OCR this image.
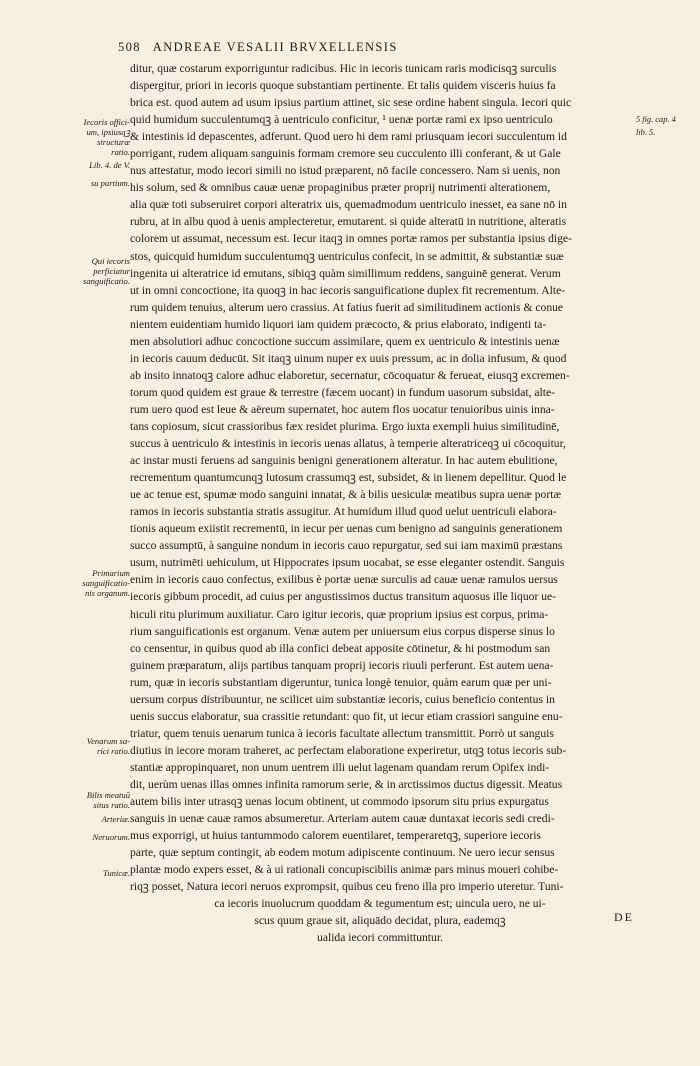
508 ANDREAE VESALII BRVXELLENSIS
ditur, quæ costarum exporriguntur radicibus. Hic in iecoris tunicam raris modicisqꝫ surculis
dispergitur, priori in iecoris quoque substantiam pertinente. Et talis quidem visceris huius fa
brica est. quod autem ad usum ipsius partium attinet, sic sese ordine habent singula. Iecori quic
quid humidum succulentumqꝫ à uentriculo conficitur, ¹ uenæ portæ rami ex ipso uentriculo
& intestinis id depascentes, adferunt. Quod uero hi dem rami priusquam iecori succulentum id
porrigant, rudem aliquam sanguinis formam cremore seu cucculento illi conferant, & ut Gale
nus attestatur, modo iecori simili no istud præparent, nō facile concessero. Nam si uenis, non
his solum, sed & omnibus cauæ uenæ propaginibus præter proprij nutrimenti alterationem,
alia quæ toti subseruiret corpori alteratrix uis, quemadmodum uentriculo inesset, ea sane nō in
rubru, at in albu quod à uenis amplecteretur, emutarent. si quide alteratū in nutritione, alteratis
colorem ut assumat, necessum est. Iecur itaqꝫ in omnes portæ ramos per substantia ipsius dige-
stos, quicquid humidum succulentumqꝫ uentriculus confecit, in se admittit, & substantiæ suæ
ingenita ui alteratrice id emutans, sibiqꝫ quàm simillimum reddens, sanguinē generat. Verum
ut in omni concoctione, ita quoqꝫ in hac iecoris sanguificatione duplex fit recrementum. Alte-
rum quidem tenuius, alterum uero crassius. At fatius fuerit ad similitudinem actionis & conue
nientem euidentiam humido liquori iam quidem præcocto, & prius elaborato, indigenti ta-
men absolutiori adhuc concoctione succum assimilare, quem ex uentriculo & intestinis uenæ
in iecoris cauum deducūt. Sit itaqꝫ uinum nuper ex uuis pressum, ac in dolia infusum, & quod
ab insito innatoqꝫ calore adhuc elaboretur, secernatur, cōcoquatur & ferueat, eiusqꝫ excremen-
torum quod quidem est graue & terrestre (fæcem uocant) in fundum uasorum subsidat, alte-
rum uero quod est leue & aëreum supernatet, hoc autem flos uocatur tenuioribus uinis inna-
tans copiosum, sicut crassioribus fæx residet plurima. Ergo iuxta exempli huius similitudinē,
succus à uentriculo & intestinis in iecoris uenas allatus, à temperie alteratriceqꝫ ui cōcoquitur,
ac instar musti feruens ad sanguinis benigni generationem alteratur. In hac autem ebulitione,
recrementum quantumcunqꝫ lutosum crassumqꝫ est, subsidet, & in lienem depellitur. Quod le
ue ac tenue est, spumæ modo sanguini innatat, & à bilis uesiculæ meatibus supra uenæ portæ
ramos in iecoris substantia stratis assugitur. At humidum illud quod uelut uentriculi elabora-
tionis aqueum exiistit recrementū, in iecur per uenas cum benigno ad sanguinis generationem
succo assumptū, à sanguine nondum in iecoris cauo repurgatur, sed sui iam maximū præstans
usum, nutrimēti uehiculum, ut Hippocrates ipsum uocabat, se esse eleganter ostendit. Sanguis
enim in iecoris cauo confectus, exilibus è portæ uenæ surculis ad cauæ uenæ ramulos uersus
iecoris gibbum procedit, ad cuius per angustissimos ductus transitum aquosus ille liquor ue-
hiculi ritu plurimum auxiliatur. Caro igitur iecoris, quæ proprium ipsius est corpus, prima-
rium sanguificationis est organum. Venæ autem per uniuersum eius corpus disperse sinus lo
co censentur, in quibus quod ab illa confici debeat apposite cōtinetur, & hi postmodum san
guinem præparatum, alijs partibus tanquam proprij iecoris riuuli perferunt. Est autem uena-
rum, quæ in iecoris substantiam digeruntur, tunica longè tenuior, quàm earum quæ per uni-
uersum corpus distribuuntur, ne scilicet uim substantiæ iecoris, cuius beneficio contentus in
uenis succus elaboratur, sua crassitie retundant: quo fit, ut iecur etiam crassiori sanguine enu-
triatur, quem tenuis uenarum tunica à iecoris facultate allectum transmittit. Porrò ut sanguis
diutius in iecore moram traheret, ac perfectam elaboratione experiretur, utqꝫ totus iecoris sub-
stantiæ appropinquaret, non unum uentrem illi uelut lagenam quandam rerum Opifex indi-
dit, uerùm uenas illas omnes infinita ramorum serie, & in arctissimos ductus digessit. Meatus
autem bilis inter utrasqꝫ uenas locum obtinent, ut commodo ipsorum situ prius expurgatus
sanguis in uenæ cauæ ramos absumeretur. Arteriam autem cauæ duntaxat iecoris sedi credi-
mus exporrigi, ut huius tantummodo calorem euentilaret, temperaretqꝫ, superiore iecoris
parte, quæ septum contingit, ab eodem motum adipiscente continuum. Ne uero iecur sensus
plantæ modo expers esset, & à ui rationali concupiscibilis animæ pars minus moueri cohibe-
riqꝫ posset, Natura iecori neruos exprompsit, quibus ceu freno illa pro imperio uteretur. Tuni-
ca iecoris inuolucrum quoddam & tegumentum est; uincula uero, ne ui-
scus quum graue sit, aliquādo decidat, plura, eademqꝫ
ualida iecori committuntur.
Iecoris offici-
um, ipsiusqꝫ
structuræ
ratio.
Lib. 4. de V.
su partium.
Qui iecoris
perficiatur
sanguificatio.
Primarium
sanguificatio-
nis organum.
Venarum sa-
rici ratio.
Bilis meatuū
situs ratio.
Arteriæ.
Neruorum.
Tunicæ.
5 fig. cap. 4
lib. 5.
DE
